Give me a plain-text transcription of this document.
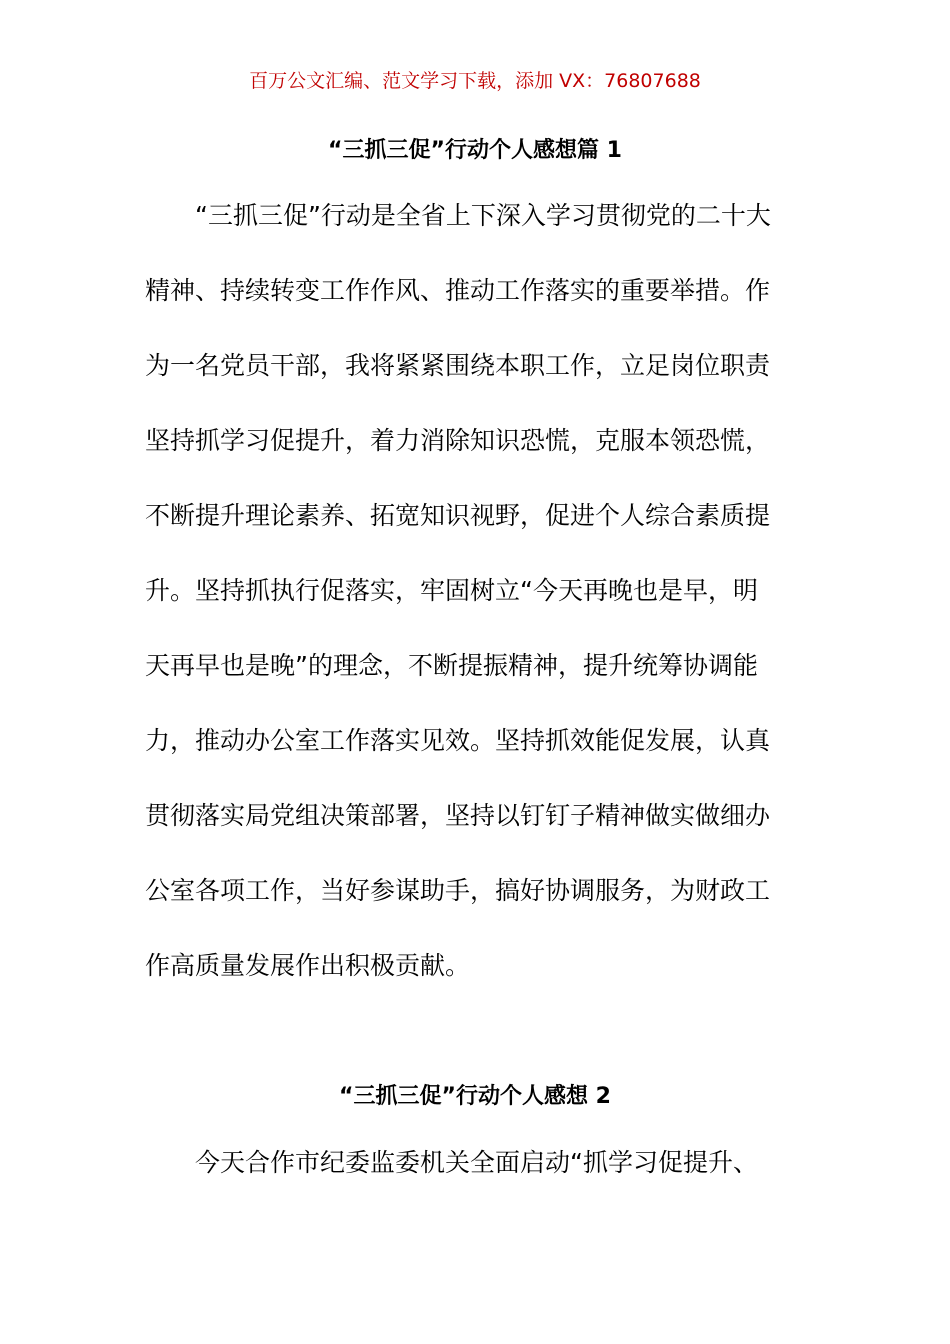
百万公文汇编、范文学习下载，添加 VX：76807688
“三抓三促”行动个人感想篇 1
　　“三抓三促”行动是全省上下深入学习贯彻党的二十大
精神、持续转变工作作风、推动工作落实的重要举措。作
为一名党员干部，我将紧紧围绕本职工作，立足岗位职责
坚持抓学习促提升，着力消除知识恐慌，克服本领恐慌，
不断提升理论素养、拓宽知识视野，促进个人综合素质提
升。坚持抓执行促落实，牢固树立“今天再晚也是早，明
天再早也是晚”的理念，不断提振精神，提升统筹协调能
力，推动办公室工作落实见效。坚持抓效能促发展，认真
贯彻落实局党组决策部署，坚持以钉钉子精神做实做细办
公室各项工作，当好参谋助手，搞好协调服务，为财政工
作高质量发展作出积极贡献。
“三抓三促”行动个人感想 2
　　今天合作市纪委监委机关全面启动“抓学习促提升、
